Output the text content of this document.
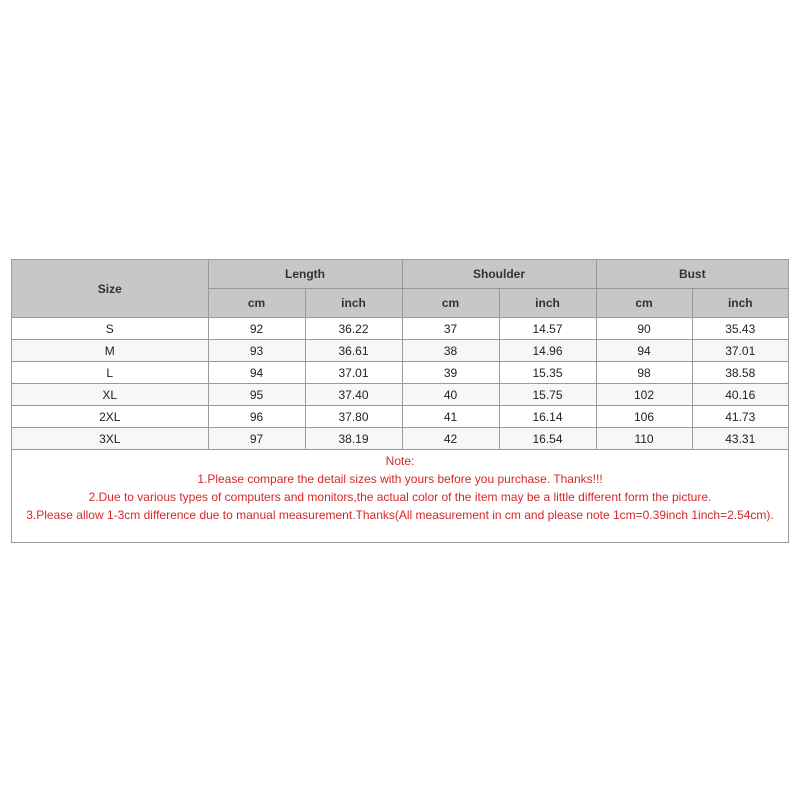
Size	Length		Shoulder		Bust	
	cm	inch	cm	inch	cm	inch
S	92	36.22	37	14.57	90	35.43
M	93	36.61	38	14.96	94	37.01
L	94	37.01	39	15.35	98	38.58
XL	95	37.40	40	15.75	102	40.16
2XL	96	37.80	41	16.14	106	41.73
3XL	97	38.19	42	16.54	110	43.31
Note:
1.Please compare the detail sizes with yours before you purchase. Thanks!!!
2.Due to various types of computers and monitors,the actual color of the item may be a little different form the picture.
3.Please allow 1-3cm difference due to manual measurement.Thanks(All measurement in cm and please note 1cm=0.39inch 1inch=2.54cm).
